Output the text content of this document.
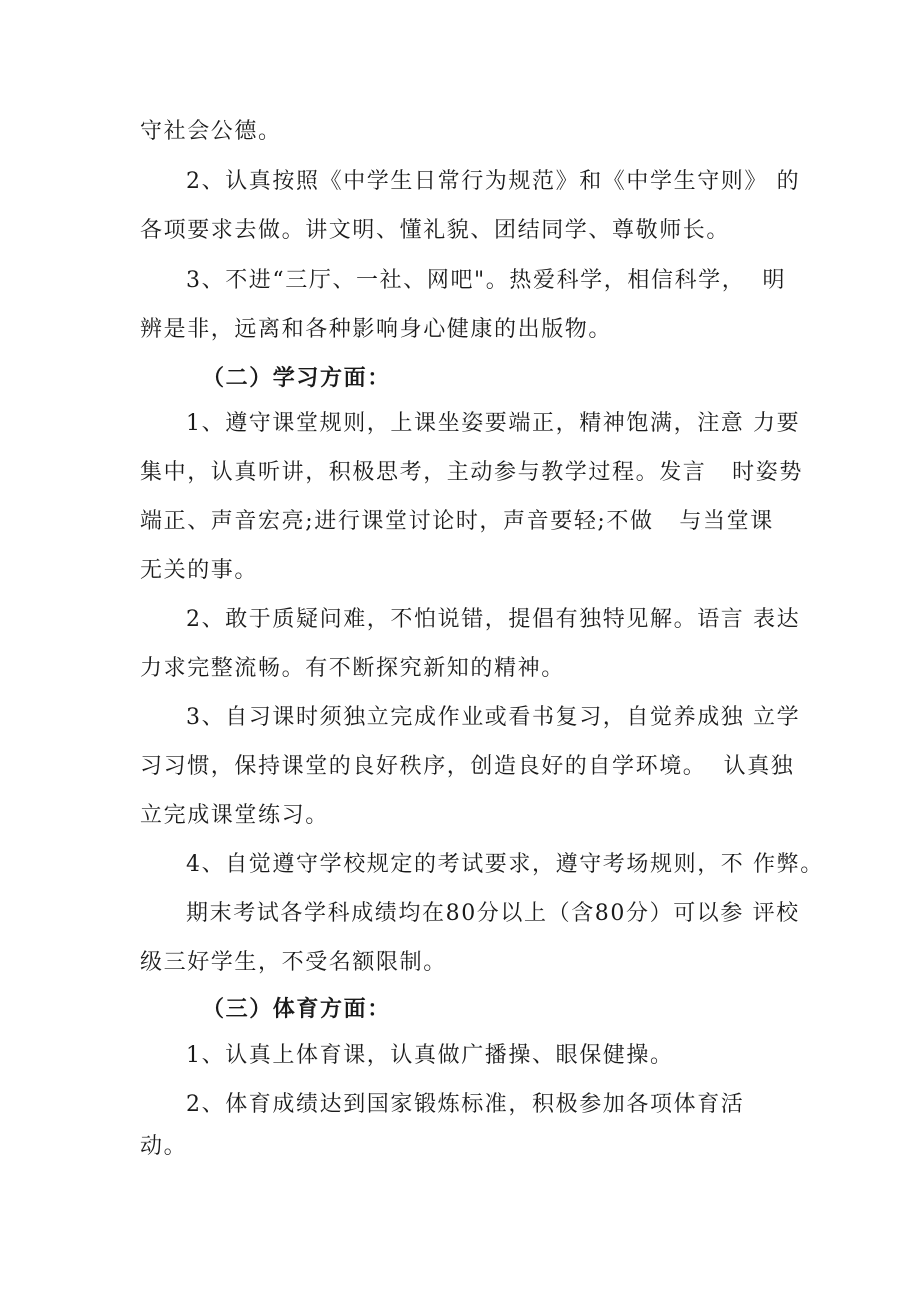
守社会公德。
2、认真按照《中学生日常行为规范》和《中学生守则》 的
各项要求去做。讲文明、懂礼貌、团结同学、尊敬师长。
3、不进“三厅、一社、网吧"。热爱科学，相信科学，  明
辨是非，远离和各种影响身心健康的出版物。
（二）学习方面：
1、遵守课堂规则，上课坐姿要端正，精神饱满，注意 力要
集中，认真听讲，积极思考，主动参与教学过程。发言   时姿势
端正、声音宏亮;进行课堂讨论时，声音要轻;不做   与当堂课
无关的事。
2、敢于质疑问难，不怕说错，提倡有独特见解。语言 表达
力求完整流畅。有不断探究新知的精神。
3、自习课时须独立完成作业或看书复习，自觉养成独 立学
习习惯，保持课堂的良好秩序，创造良好的自学环境。  认真独
立完成课堂练习。
4、自觉遵守学校规定的考试要求，遵守考场规则，不 作弊。
期末考试各学科成绩均在80分以上（含80分）可以参 评校
级三好学生，不受名额限制。
（三）体育方面：
1、认真上体育课，认真做广播操、眼保健操。
2、体育成绩达到国家锻炼标准，积极参加各项体育活
动。
